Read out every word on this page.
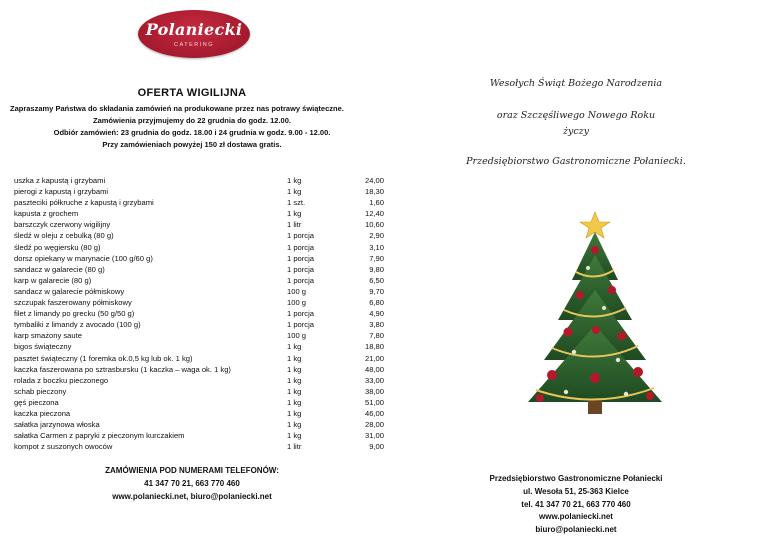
Polaniecki
CATERING
OFERTA WIGILIJNA
Zapraszamy Państwa do składania zamówień na produkowane przez nas potrawy świąteczne.
Zamówienia przyjmujemy do 22 grudnia do godz. 12.00.
Odbiór zamówień: 23 grudnia do godz. 18.00 i 24 grudnia w godz. 9.00 - 12.00.
Przy zamówieniach powyżej 150 zł dostawa gratis.
uszka z kapustą i grzybami	1 kg	24,00
pierogi z kapustą i grzybami	1 kg	18,30
paszteciki półkruche z kapustą i grzybami	1 szt.	1,60
kapusta z grochem	1 kg	12,40
barszczyk czerwony wigilijny	1 litr	10,60
śledź w oleju z cebulką (80 g)	1 porcja	2,90
śledź po węgiersku (80 g)	1 porcja	3,10
dorsz opiekany w marynacie (100 g/60 g)	1 porcja	7,90
sandacz w galarecie (80 g)	1 porcja	9,80
karp w galarecie (80 g)	1 porcja	6,50
sandacz w galarecie półmiskowy	100 g	9,70
szczupak faszerowany półmiskowy	100 g	6,80
filet z limandy po grecku (50 g/50 g)	1 porcja	4,90
tymbaliki z limandy z avocado (100 g)	1 porcja	3,80
karp smażony saute	100 g	7,80
bigos świąteczny	1 kg	18,80
pasztet świąteczny (1 foremka ok.0,5 kg lub ok. 1 kg)	1 kg	21,00
kaczka faszerowana po sztrasbursku (1 kaczka – waga ok. 1 kg)	1 kg	48,00
rolada z boczku pieczonego	1 kg	33,00
schab pieczony	1 kg	38,00
gęś pieczona	1 kg	51,00
kaczka pieczona	1 kg	46,00
sałatka jarzynowa włoska	1 kg	28,00
sałatka Carmen z papryki z pieczonym kurczakiem	1 kg	31,00
kompot z suszonych owoców	1 litr	9,00
ZAMÓWIENIA POD NUMERAMI TELEFONÓW:
41 347 70 21, 663 770 460
www.polaniecki.net, biuro@polaniecki.net
Wesołych Świąt Bożego Narodzenia
oraz Szczęśliwego Nowego Roku
życzy
Przedsiębiorstwo Gastronomiczne Połaniecki.
Przedsiębiorstwo Gastronomiczne Połaniecki
ul. Wesoła 51, 25-363 Kielce
tel. 41 347 70 21, 663 770 460
www.polaniecki.net
biuro@polaniecki.net
